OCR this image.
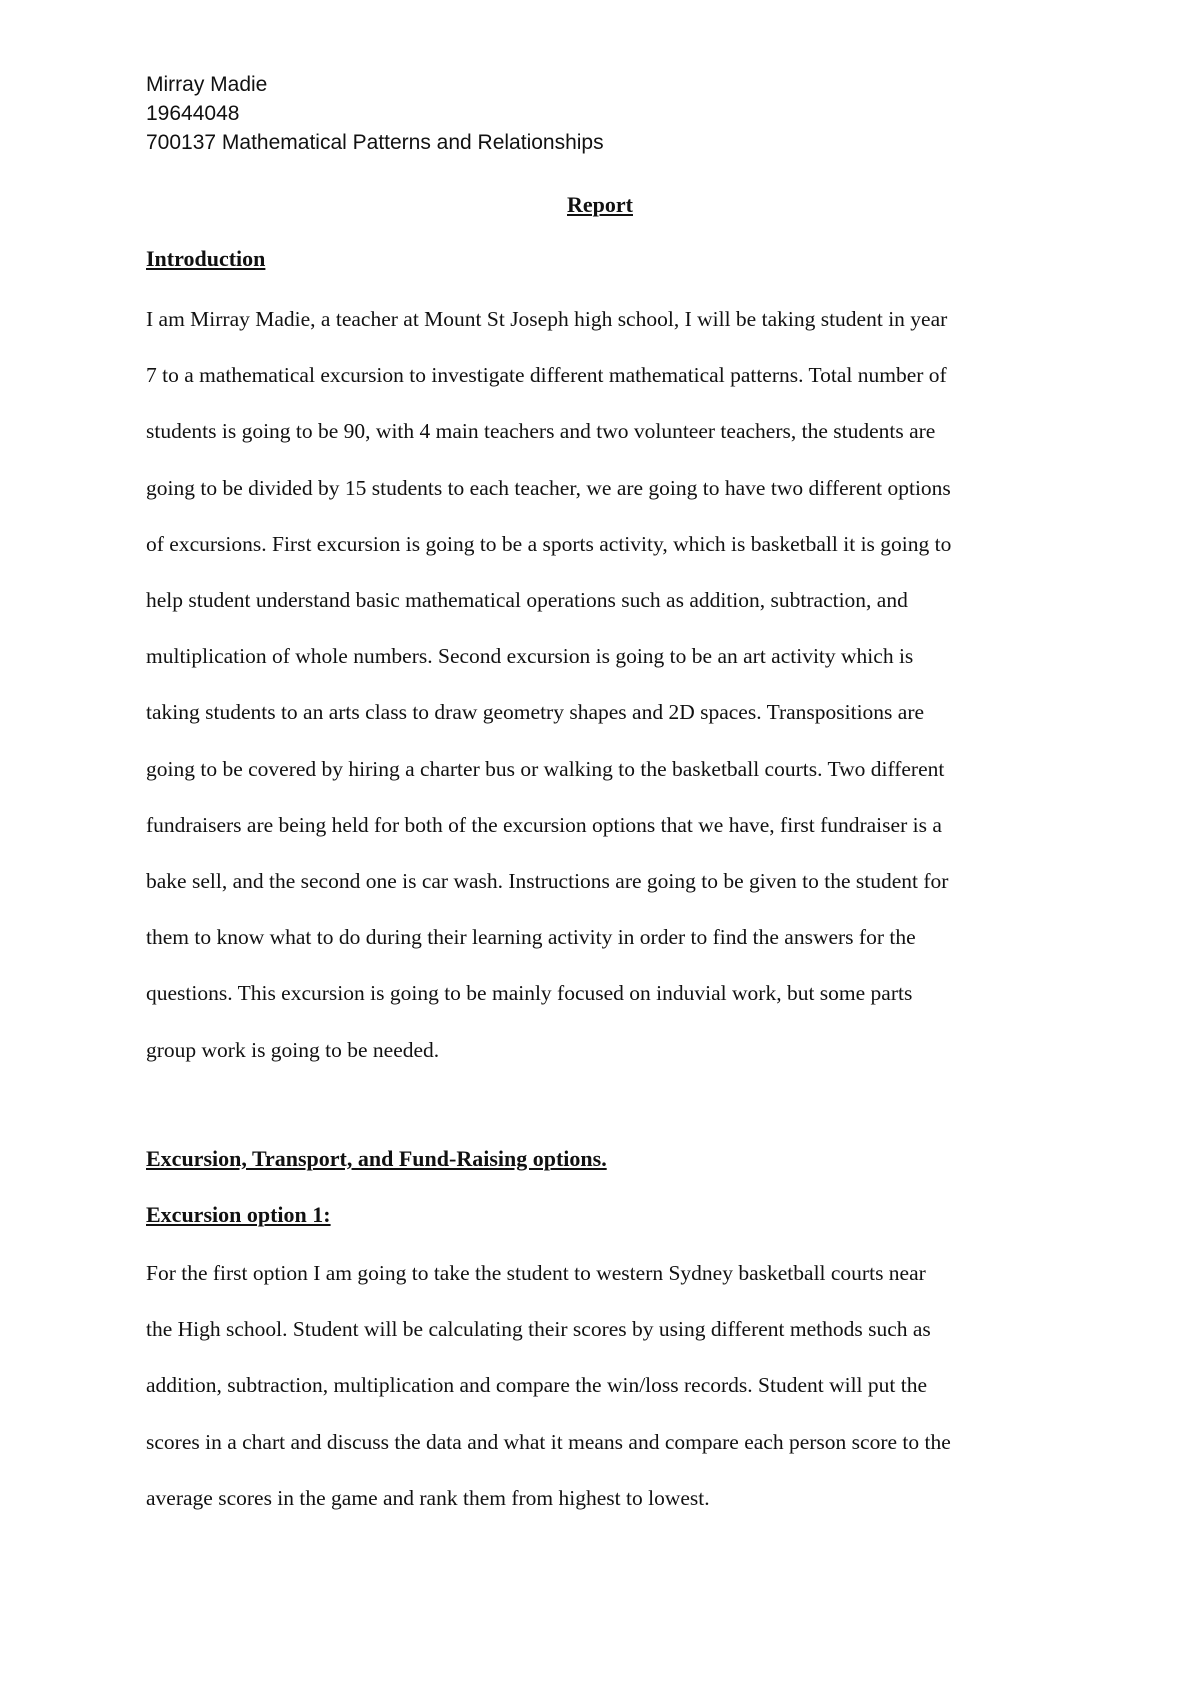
Mirray Madie
19644048
700137 Mathematical Patterns and Relationships
Report
Introduction
I am Mirray Madie, a teacher at Mount St Joseph high school, I will be taking student in year
7 to a mathematical excursion to investigate different mathematical patterns. Total number of
students is going to be 90, with 4 main teachers and two volunteer teachers, the students are
going to be divided by 15 students to each teacher, we are going to have two different options
of excursions. First excursion is going to be a sports activity, which is basketball it is going to
help student understand basic mathematical operations such as addition, subtraction, and
multiplication of whole numbers. Second excursion is going to be an art activity which is
taking students to an arts class to draw geometry shapes and 2D spaces. Transpositions are
going to be covered by hiring a charter bus or walking to the basketball courts. Two different
fundraisers are being held for both of the excursion options that we have, first fundraiser is a
bake sell, and the second one is car wash. Instructions are going to be given to the student for
them to know what to do during their learning activity in order to find the answers for the
questions. This excursion is going to be mainly focused on induvial work, but some parts
group work is going to be needed.
Excursion, Transport, and Fund-Raising options.
Excursion option 1:
For the first option I am going to take the student to western Sydney basketball courts near
the High school. Student will be calculating their scores by using different methods such as
addition, subtraction, multiplication and compare the win/loss records. Student will put the
scores in a chart and discuss the data and what it means and compare each person score to the
average scores in the game and rank them from highest to lowest.
